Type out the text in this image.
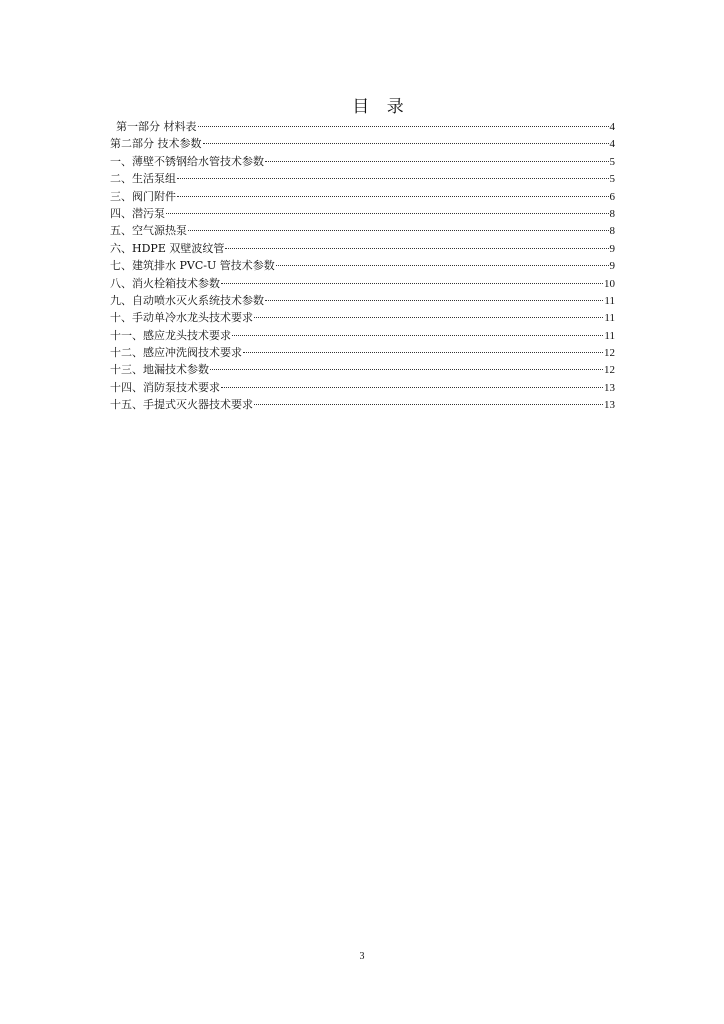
目 录
第一部分 材料表	4
第二部分 技术参数	4
一、薄壁不锈钢给水管技术参数	5
二、生活泵组	5
三、阀门附件	6
四、潜污泵	8
五、空气源热泵	8
六、HDPE 双壁波纹管	9
七、建筑排水 PVC-U 管技术参数	9
八、消火栓箱技术参数	10
九、自动喷水灭火系统技术参数	11
十、手动单冷水龙头技术要求	11
十一、感应龙头技术要求	11
十二、感应冲洗阀技术要求	12
十三、地漏技术参数	12
十四、消防泵技术要求	13
十五、手提式灭火器技术要求	13
3
